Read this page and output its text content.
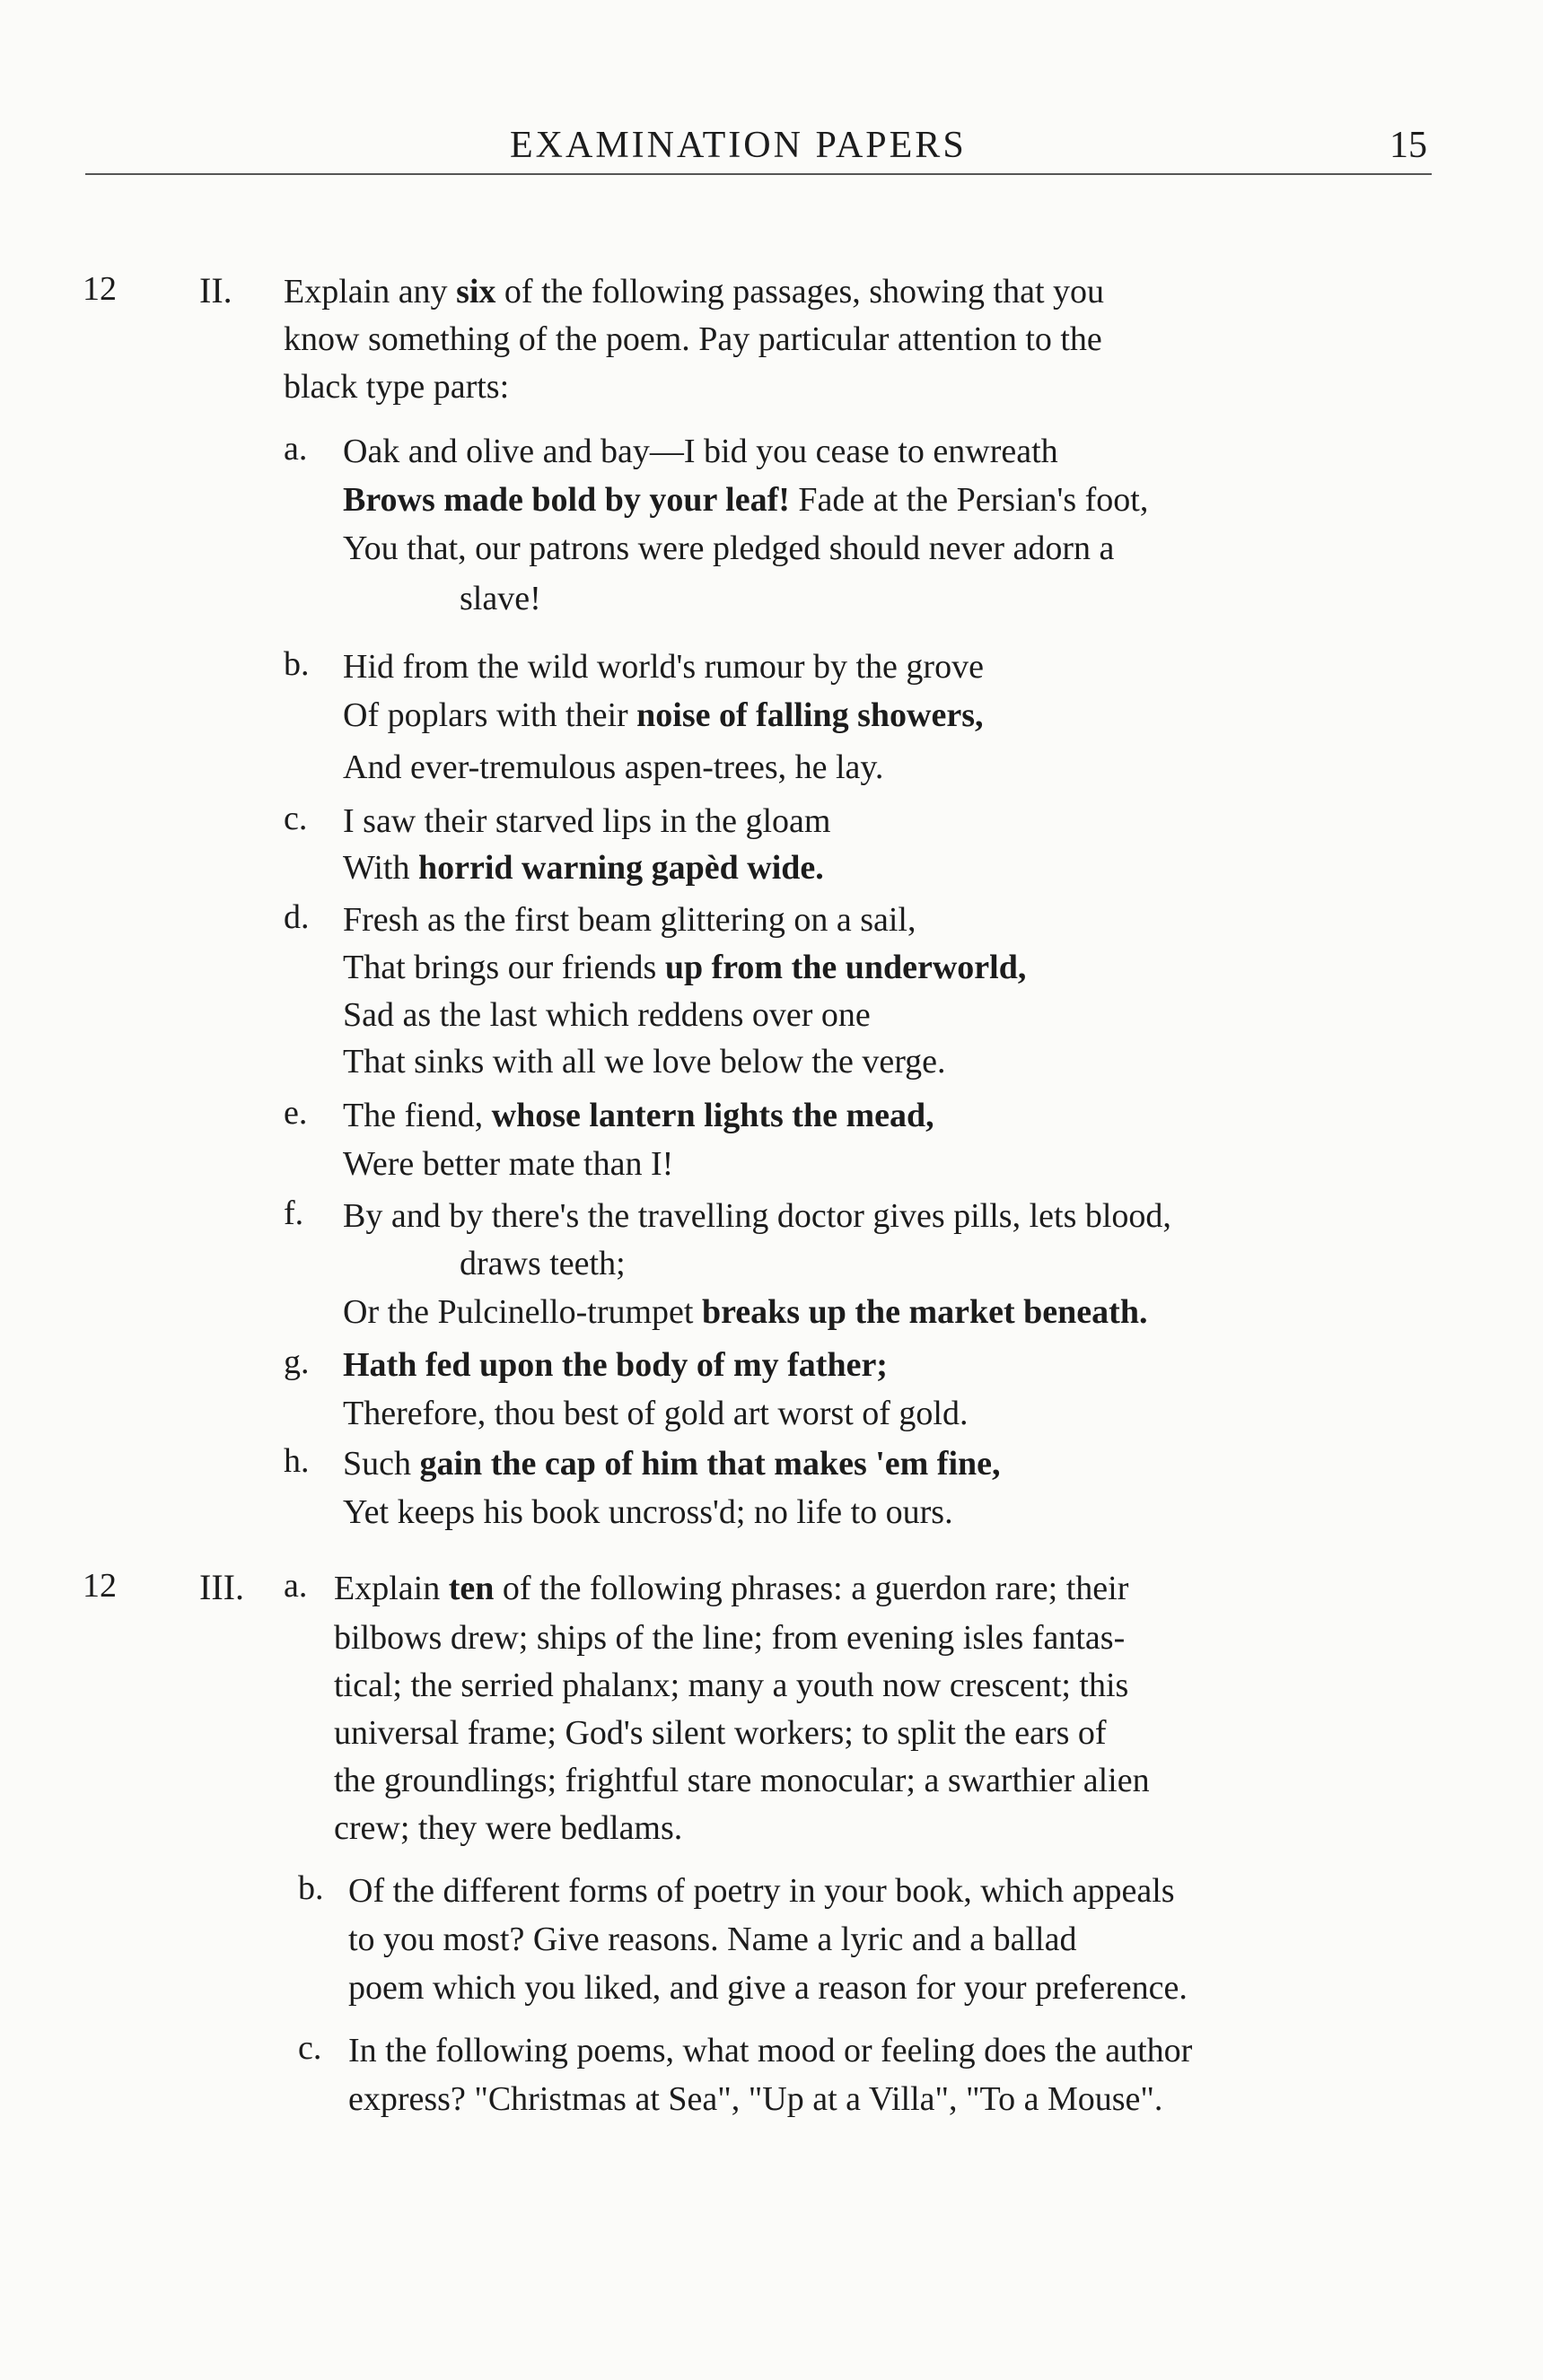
EXAMINATION PAPERS	15
12 II. Explain any six of the following passages, showing that you
know something of the poem. Pay particular attention to the
black type parts:
a. Oak and olive and bay—I bid you cease to enwreath
Brows made bold by your leaf! Fade at the Persian's foot,
You that, our patrons were pledged should never adorn a
slave!
b. Hid from the wild world's rumour by the grove
Of poplars with their noise of falling showers,
And ever-tremulous aspen-trees, he lay.
c. I saw their starved lips in the gloam
With horrid warning gapèd wide.
d. Fresh as the first beam glittering on a sail,
That brings our friends up from the underworld,
Sad as the last which reddens over one
That sinks with all we love below the verge.
e. The fiend, whose lantern lights the mead,
Were better mate than I!
f. By and by there's the travelling doctor gives pills, lets blood,
draws teeth;
Or the Pulcinello-trumpet breaks up the market beneath.
g. Hath fed upon the body of my father;
Therefore, thou best of gold art worst of gold.
h. Such gain the cap of him that makes 'em fine,
Yet keeps his book uncross'd; no life to ours.
12 III. a. Explain ten of the following phrases: a guerdon rare; their
bilbows drew; ships of the line; from evening isles fantas-
tical; the serried phalanx; many a youth now crescent; this
universal frame; God's silent workers; to split the ears of
the groundlings; frightful stare monocular; a swarthier alien
crew; they were bedlams.
b. Of the different forms of poetry in your book, which appeals
to you most? Give reasons. Name a lyric and a ballad
poem which you liked, and give a reason for your preference.
c. In the following poems, what mood or feeling does the author
express? "Christmas at Sea", "Up at a Villa", "To a Mouse".
